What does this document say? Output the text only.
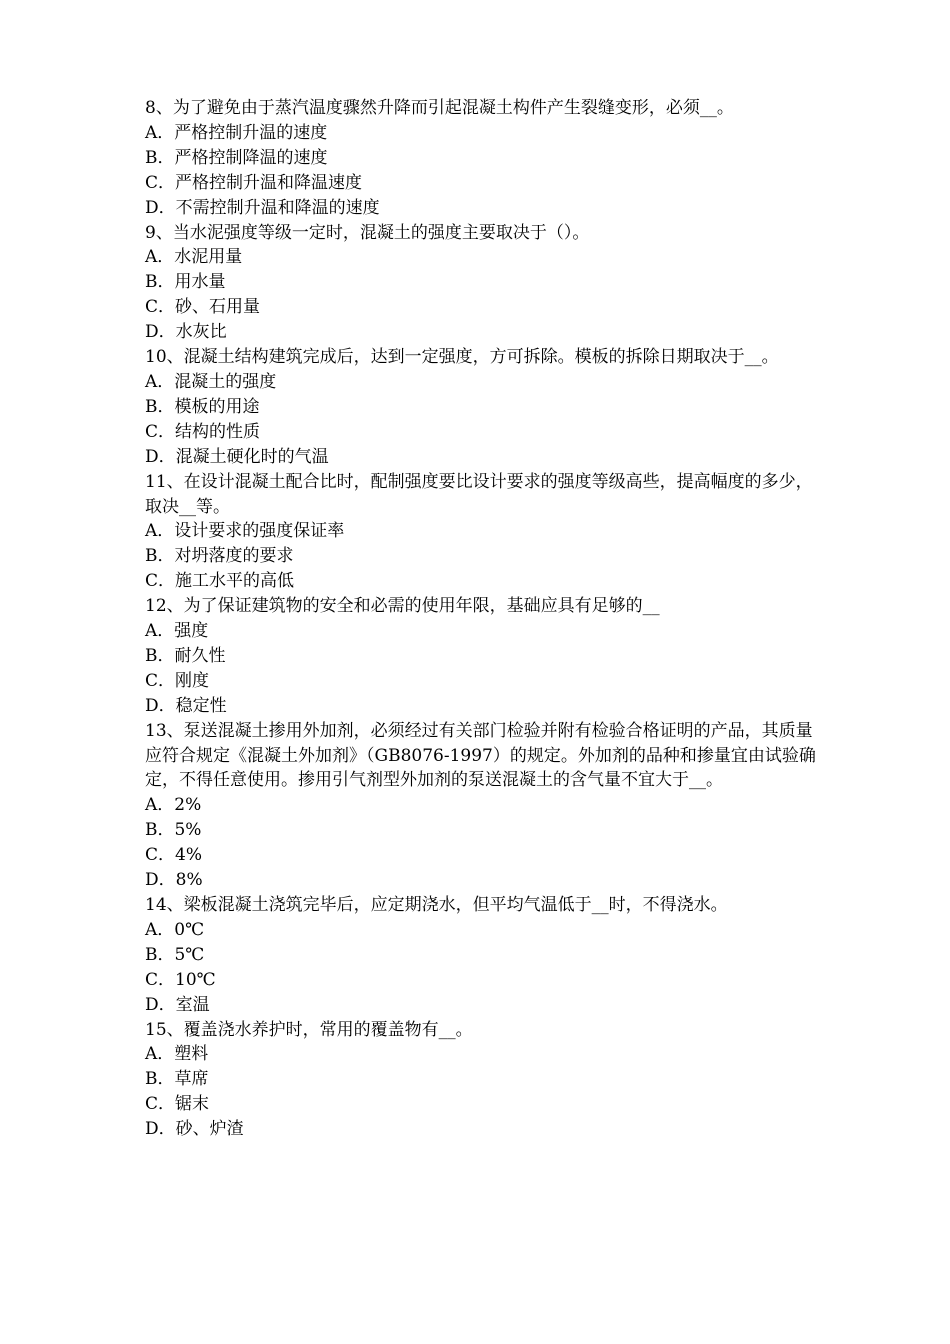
8、为了避免由于蒸汽温度骤然升降而引起混凝土构件产生裂缝变形，必须__。

A．严格控制升温的速度

B．严格控制降温的速度

C．严格控制升温和降温速度

D．不需控制升温和降温的速度

9、当水泥强度等级一定时，混凝土的强度主要取决于（）。

A．水泥用量

B．用水量

C．砂、石用量

D．水灰比

10、混凝土结构建筑完成后，达到一定强度，方可拆除。模板的拆除日期取决于__。

A．混凝土的强度

B．模板的用途

C．结构的性质

D．混凝土硬化时的气温

11、在设计混凝土配合比时，配制强度要比设计要求的强度等级高些，提高幅度的多少，取决__等。

A．设计要求的强度保证率

B．对坍落度的要求

C．施工水平的高低

12、为了保证建筑物的安全和必需的使用年限，基础应具有足够的__

A．强度

B．耐久性

C．刚度

D．稳定性

13、泵送混凝土掺用外加剂，必须经过有关部门检验并附有检验合格证明的产品，其质量应符合规定《混凝土外加剂》（GB8076-1997）的规定。外加剂的品种和掺量宜由试验确定，不得任意使用。掺用引气剂型外加剂的泵送混凝土的含气量不宜大于__。

A．2%

B．5%

C．4%

D．8%

14、梁板混凝土浇筑完毕后，应定期浇水，但平均气温低于__时，不得浇水。

A．0℃

B．5℃

C．10℃

D．室温

15、覆盖浇水养护时，常用的覆盖物有__。

A．塑料

B．草席

C．锯末

D．砂、炉渣
